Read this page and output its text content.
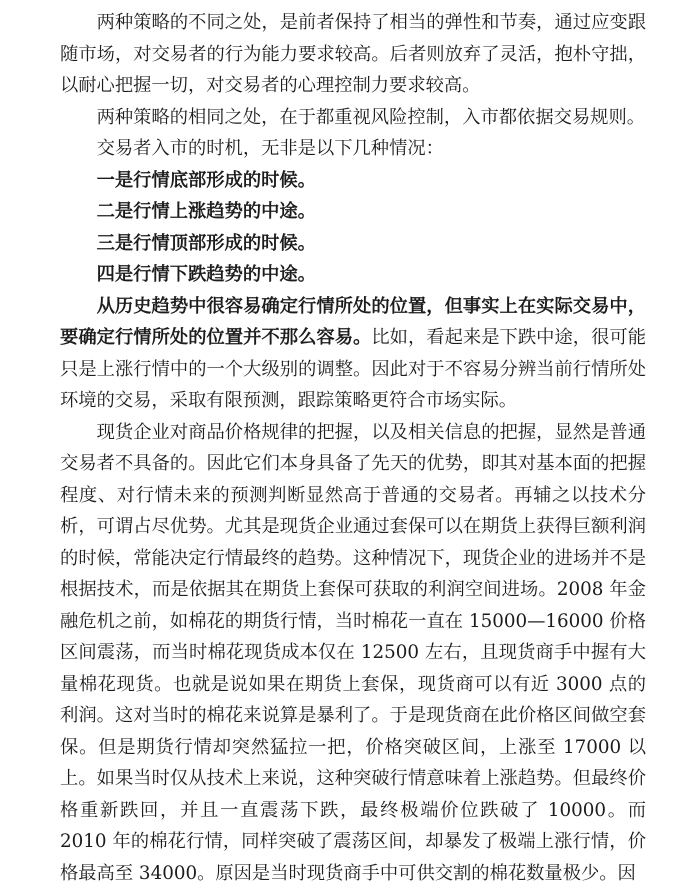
两种策略的不同之处，是前者保持了相当的弹性和节奏，通过应变跟随市场，对交易者的行为能力要求较高。后者则放弃了灵活，抱朴守拙，以耐心把握一切，对交易者的心理控制力要求较高。

两种策略的相同之处，在于都重视风险控制，入市都依据交易规则。

交易者入市的时机，无非是以下几种情况：

一是行情底部形成的时候。

二是行情上涨趋势的中途。

三是行情顶部形成的时候。

四是行情下跌趋势的中途。

从历史趋势中很容易确定行情所处的位置，但事实上在实际交易中，要确定行情所处的位置并不那么容易。比如，看起来是下跌中途，很可能只是上涨行情中的一个大级别的调整。因此对于不容易分辨当前行情所处环境的交易，采取有限预测，跟踪策略更符合市场实际。

现货企业对商品价格规律的把握，以及相关信息的把握，显然是普通交易者不具备的。因此它们本身具备了先天的优势，即其对基本面的把握程度、对行情未来的预测判断显然高于普通的交易者。再辅之以技术分析，可谓占尽优势。尤其是现货企业通过套保可以在期货上获得巨额利润的时候，常能决定行情最终的趋势。这种情况下，现货企业的进场并不是根据技术，而是依据其在期货上套保可获取的利润空间进场。2008 年金融危机之前，如棉花的期货行情，当时棉花一直在 15000—16000 价格区间震荡，而当时棉花现货成本仅在 12500 左右，且现货商手中握有大量棉花现货。也就是说如果在期货上套保，现货商可以有近 3000 点的利润。这对当时的棉花来说算是暴利了。于是现货商在此价格区间做空套保。但是期货行情却突然猛拉一把，价格突破区间，上涨至 17000 以上。如果当时仅从技术上来说，这种突破行情意味着上涨趋势。但最终价格重新跌回，并且一直震荡下跌，最终极端价位跌破了 10000。而 2010 年的棉花行情，同样突破了震荡区间，却暴发了极端上涨行情，价格最高至 34000。原因是当时现货商手中可供交割的棉花数量极少。因
